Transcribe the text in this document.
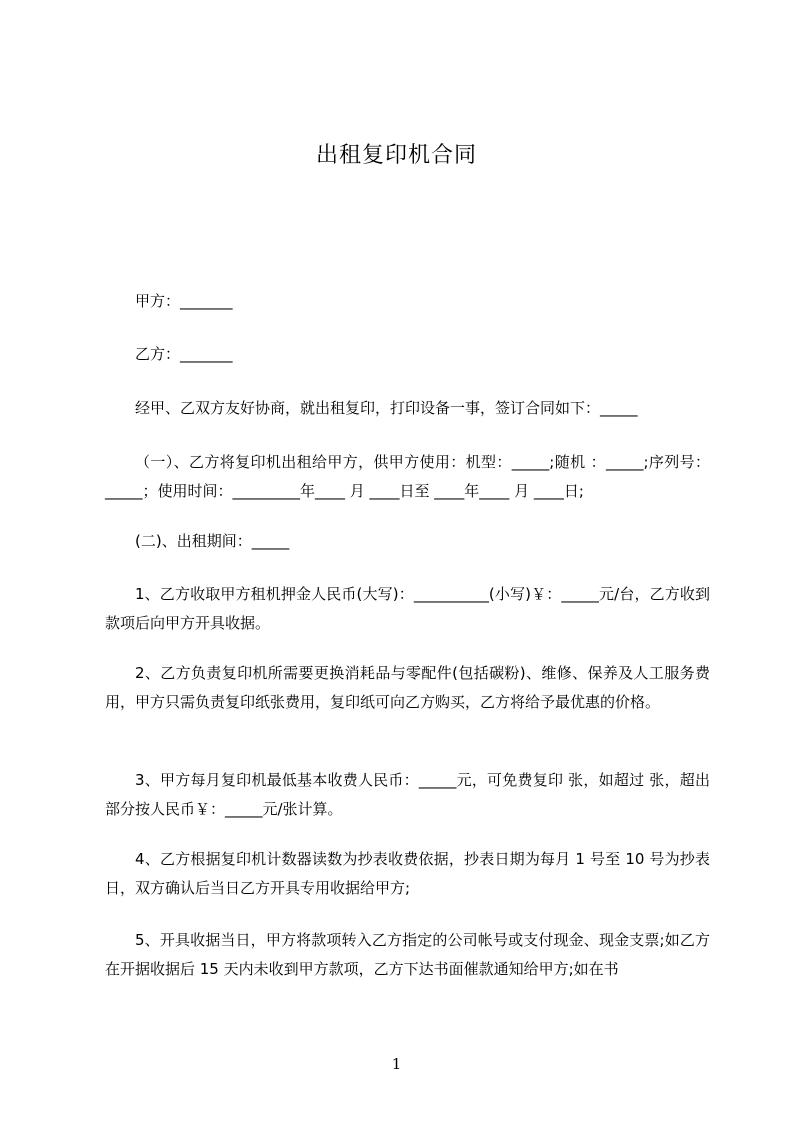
出租复印机合同

甲方：_______

乙方：_______

经甲、乙双方友好协商，就出租复印，打印设备一事，签订合同如下：_____

（一）、乙方将复印机出租给甲方，供甲方使用：机型：_____;随机 ：_____;序列号：_____；使用时间：_________年____ 月 ____日至 ____年____ 月 ____日;

(二)、出租期间：_____

1、乙方收取甲方租机押金人民币(大写)：__________(小写)￥：_____元/台，乙方收到款项后向甲方开具收据。

2、乙方负责复印机所需要更换消耗品与零配件(包括碳粉)、维修、保养及人工服务费用，甲方只需负责复印纸张费用，复印纸可向乙方购买，乙方将给予最优惠的价格。

3、甲方每月复印机最低基本收费人民币：_____元，可免费复印 张，如超过 张，超出部分按人民币￥：_____元/张计算。

4、乙方根据复印机计数器读数为抄表收费依据，抄表日期为每月 1 号至 10 号为抄表日，双方确认后当日乙方开具专用收据给甲方;

5、开具收据当日，甲方将款项转入乙方指定的公司帐号或支付现金、现金支票;如乙方在开据收据后 15 天内未收到甲方款项，乙方下达书面催款通知给甲方;如在书

1
